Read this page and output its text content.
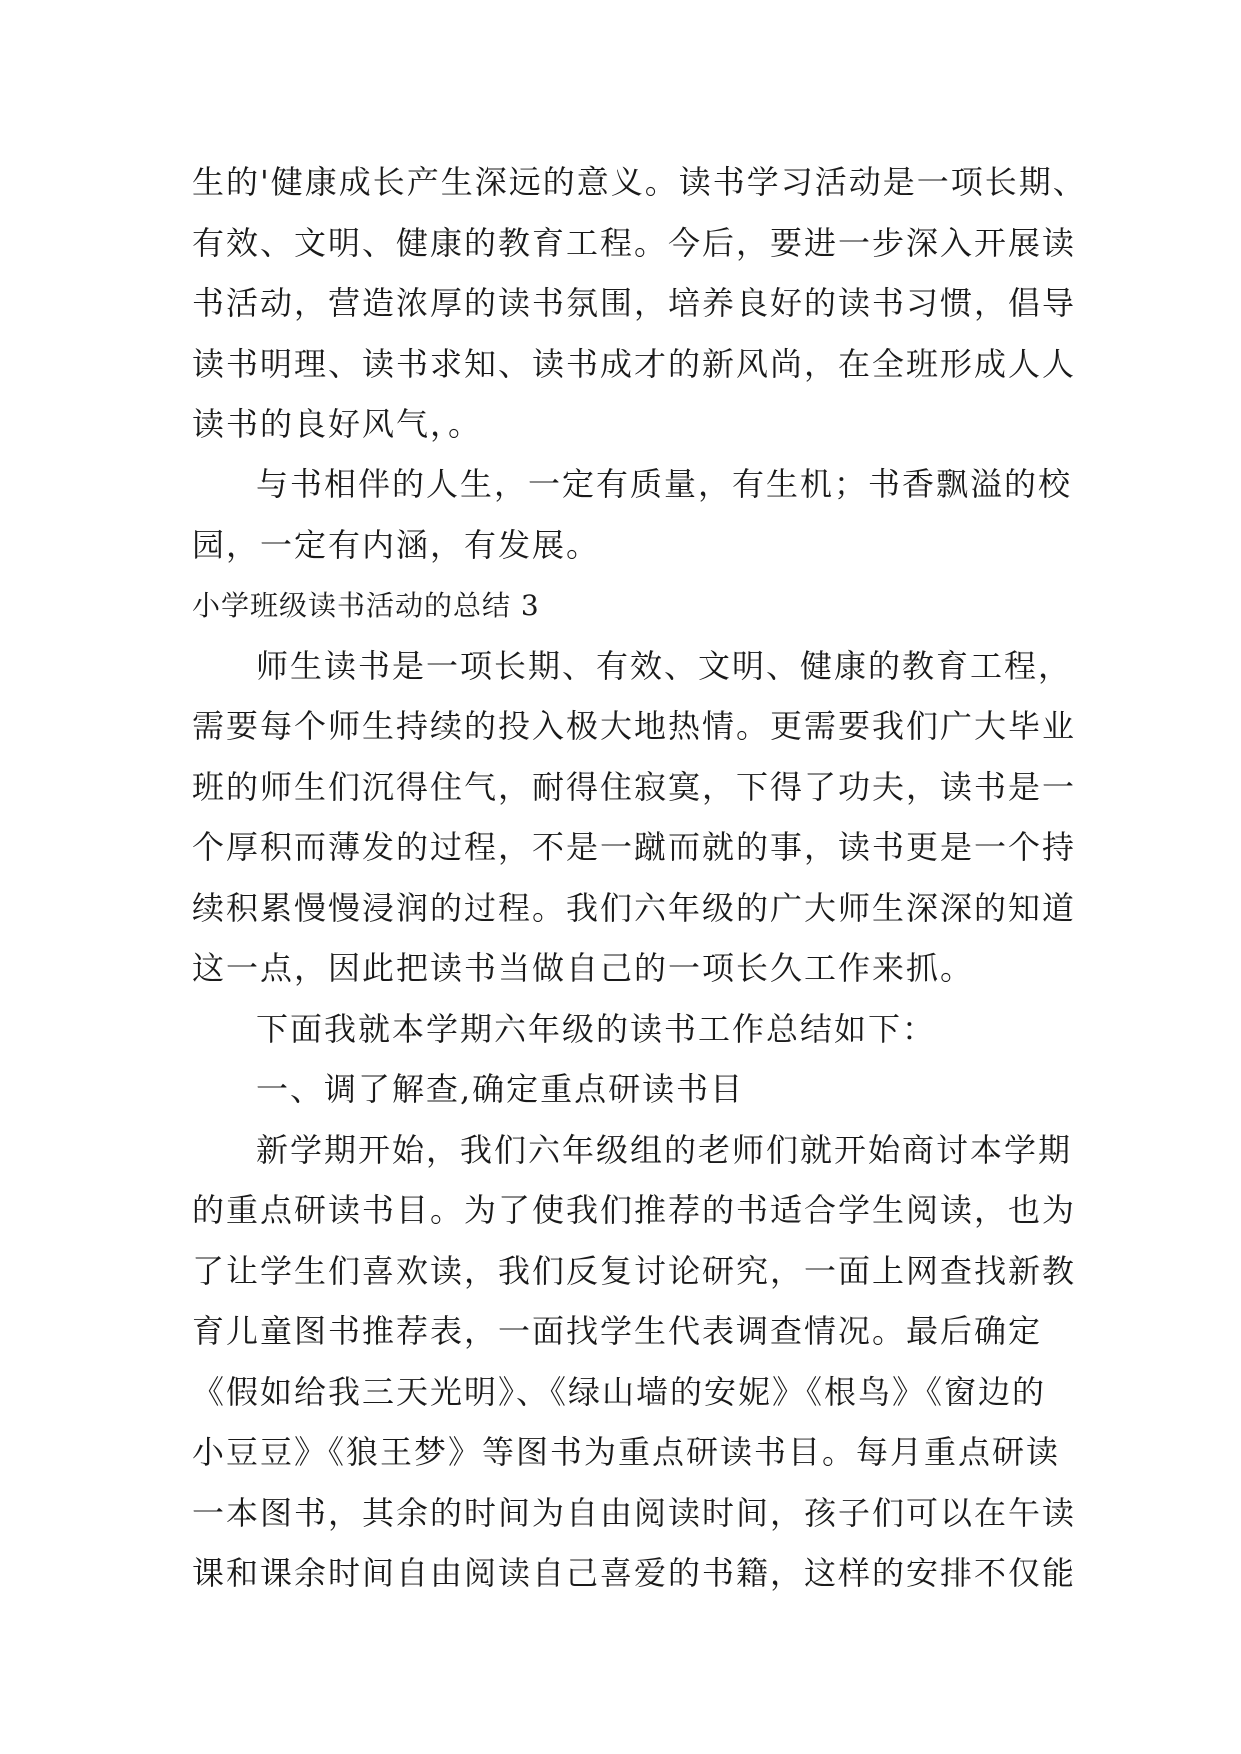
生的'健康成长产生深远的意义。读书学习活动是一项长期、
有效、文明、健康的教育工程。今后，要进一步深入开展读
书活动，营造浓厚的读书氛围，培养良好的读书习惯，倡导
读书明理、读书求知、读书成才的新风尚，在全班形成人人
读书的良好风气，。
与书相伴的人生，一定有质量，有生机；书香飘溢的校
园，一定有内涵，有发展。
小学班级读书活动的总结 3
师生读书是一项长期、有效、文明、健康的教育工程，
需要每个师生持续的投入极大地热情。更需要我们广大毕业
班的师生们沉得住气，耐得住寂寞，下得了功夫，读书是一
个厚积而薄发的过程，不是一蹴而就的事，读书更是一个持
续积累慢慢浸润的过程。我们六年级的广大师生深深的知道
这一点，因此把读书当做自己的一项长久工作来抓。
下面我就本学期六年级的读书工作总结如下：
一、调了解查,确定重点研读书目
新学期开始，我们六年级组的老师们就开始商讨本学期
的重点研读书目。为了使我们推荐的书适合学生阅读，也为
了让学生们喜欢读，我们反复讨论研究，一面上网查找新教
育儿童图书推荐表，一面找学生代表调查情况。最后确定
《假如给我三天光明》、《绿山墙的安妮》《根鸟》《窗边的
小豆豆》《狼王梦》等图书为重点研读书目。每月重点研读
一本图书，其余的时间为自由阅读时间，孩子们可以在午读
课和课余时间自由阅读自己喜爱的书籍，这样的安排不仅能
